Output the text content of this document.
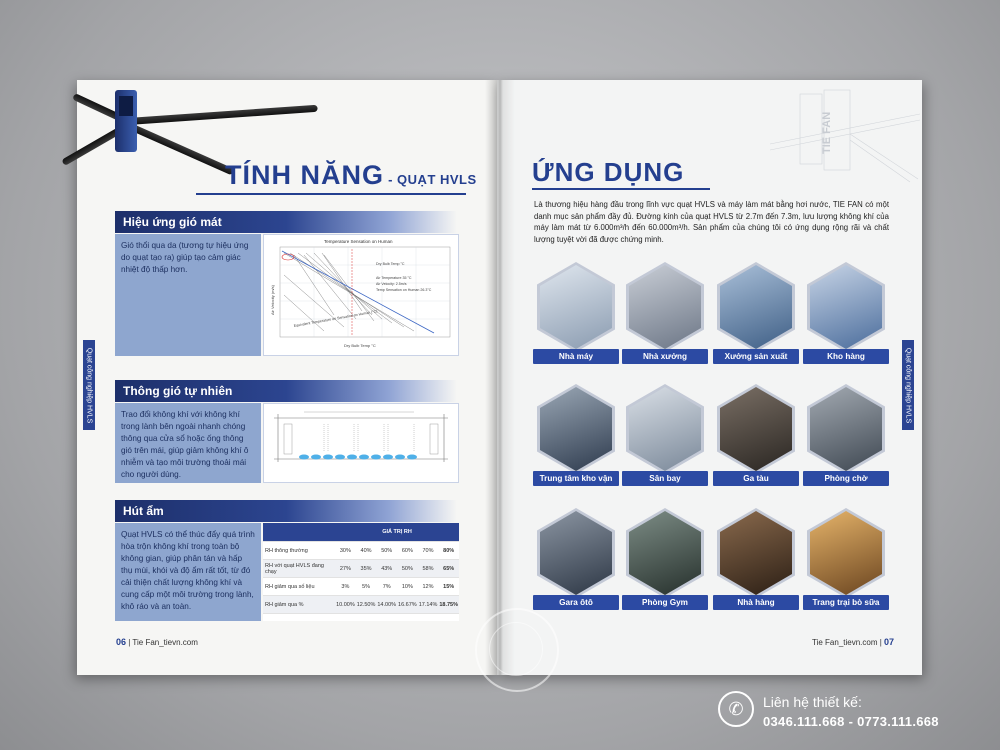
TÍNH NĂNG - QUẠT HVLS
Quạt công nghiệp HVLS
Hiệu ứng gió mát
Gió thổi qua da (tương tự hiệu ứng do quạt tạo ra) giúp tạo cảm giác nhiệt độ thấp hơn.
Temperature Sensation on Human
Dry Bulb Temp °C
Air Temperature 35 °C
Air Velocity: 2.5m/s
Temp Sensation on Human 26.3°C
Equivalent Temperature on Sensation on Human (°C)
Dry Bulb Temp °C
Air Velocity (m/s)
Thông gió tự nhiên
Trao đổi không khí với không khí trong lành bên ngoài nhanh chóng thông qua cửa sổ hoặc ống thông gió trên mái, giúp giảm không khí ô nhiễm và tạo môi trường thoải mái cho người dùng.
Hút ẩm
Quạt HVLS có thể thúc đẩy quá trình hòa trộn không khí trong toàn bộ không gian, giúp phân tán và hấp thụ mùi, khói và độ ẩm rất tốt, từ đó cải thiện chất lượng không khí và cung cấp một môi trường trong lành, khô ráo và an toàn.
	GIÁ TRỊ RH					
RH thông thường	30%	40%	50%	60%	70%	80%
RH với quạt HVLS đang chạy	27%	35%	43%	50%	58%	65%
RH giảm qua số liệu	3%	5%	7%	10%	12%	15%
RH giảm qua %	10.00%	12.50%	14.00%	16.67%	17.14%	18.75%
06 | Tie Fan_tievn.com
TIE FAN
ỨNG DỤNG
Là thương hiệu hàng đầu trong lĩnh vực quạt HVLS và máy làm mát bằng hơi nước, TIE FAN có một danh mục sản phẩm đầy đủ. Đường kính của quạt HVLS từ 2.7m đến 7.3m, lưu lượng không khí của máy làm mát từ 6.000m³/h đến 60.000m³/h. Sản phẩm của chúng tôi có ứng dụng rộng rãi và chất lượng tuyệt vời đã được chứng minh.
Quạt công nghiệp HVLS
Nhà máy	Nhà xưởng	Xưởng sản xuất	Kho hàng
Trung tâm kho vận	Sân bay	Ga tàu	Phòng chờ
Gara ôtô	Phòng Gym	Nhà hàng	Trang trại bò sữa
Tie Fan_tievn.com | 07
✆	Liên hệ thiết kế:
0346.111.668 - 0773.111.668
